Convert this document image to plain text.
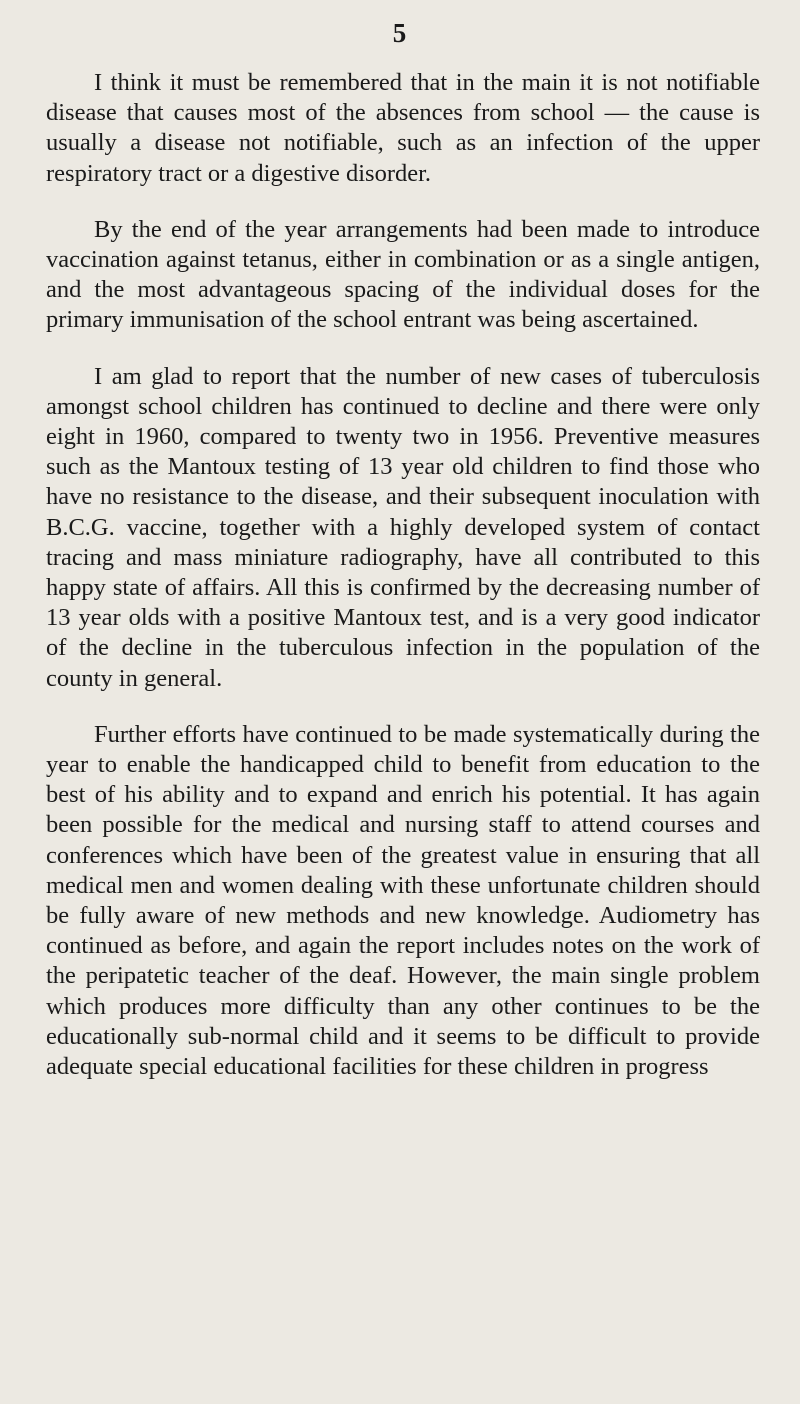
5

I think it must be remembered that in the main it is not notifiable disease that causes most of the absences from school — the cause is usually a disease not notifiable, such as an infection of the upper respiratory tract or a digestive disorder.

By the end of the year arrangements had been made to introduce vaccination against tetanus, either in combination or as a single antigen, and the most advantageous spacing of the individual doses for the primary immunisation of the school entrant was being ascertained.

I am glad to report that the number of new cases of tuberculosis amongst school children has continued to decline and there were only eight in 1960, compared to twenty two in 1956. Preventive measures such as the Mantoux testing of 13 year old children to find those who have no resistance to the disease, and their subsequent inoculation with B.C.G. vaccine, together with a highly developed system of contact tracing and mass miniature radiography, have all contributed to this happy state of affairs. All this is confirmed by the decreasing number of 13 year olds with a positive Mantoux test, and is a very good indicator of the decline in the tuberculous infection in the population of the county in general.

Further efforts have continued to be made systematically during the year to enable the handicapped child to benefit from education to the best of his ability and to expand and enrich his potential. It has again been possible for the medical and nursing staff to attend courses and conferences which have been of the greatest value in ensuring that all medical men and women dealing with these unfortunate children should be fully aware of new methods and new knowledge. Audiometry has continued as before, and again the report includes notes on the work of the peripatetic teacher of the deaf. However, the main single problem which produces more difficulty than any other continues to be the educationally sub-normal child and it seems to be difficult to provide adequate special educational facilities for these children in progress
